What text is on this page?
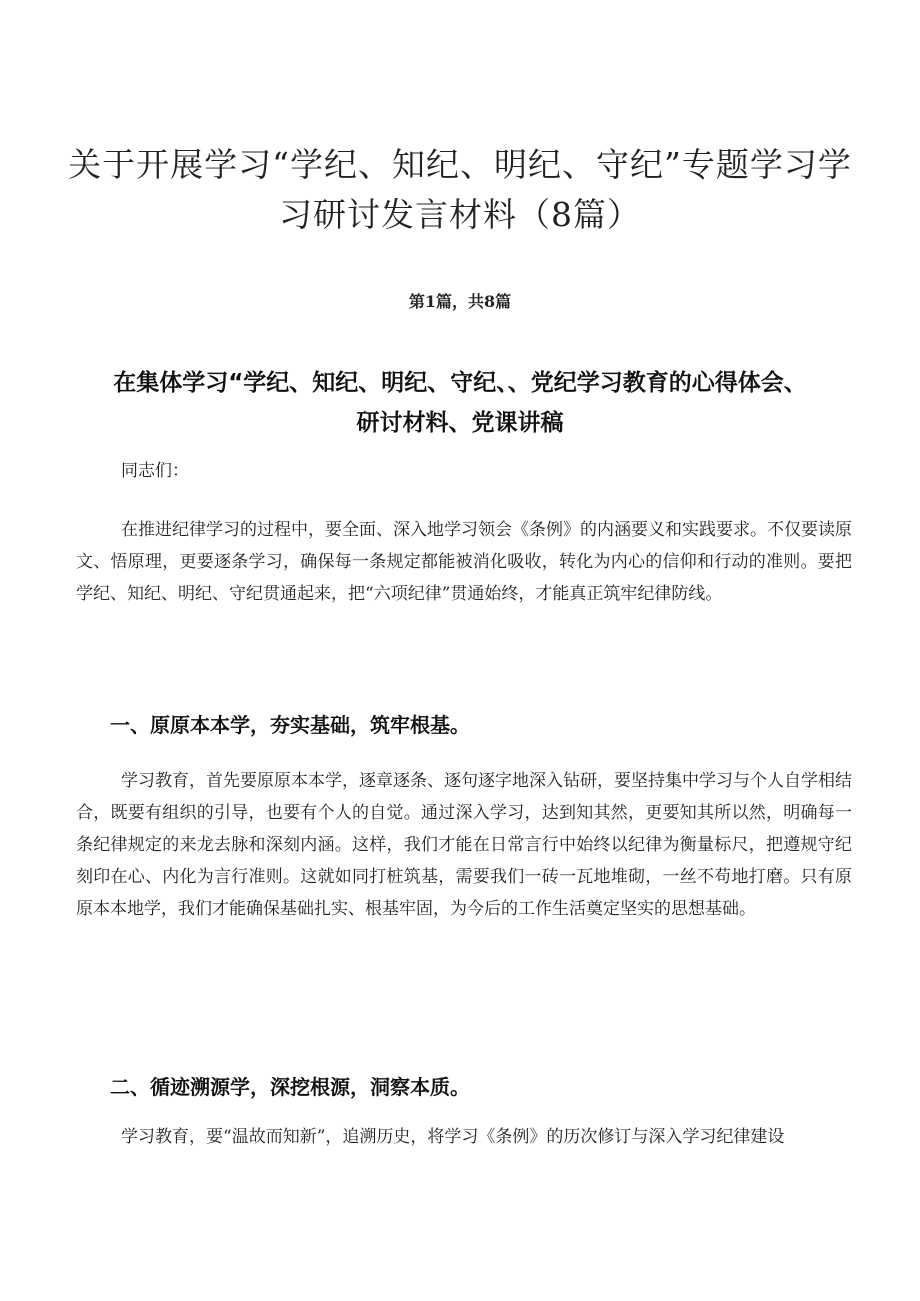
关于开展学习“学纪、知纪、明纪、守纪”专题学习学习研讨发言材料（8篇）
第1篇，共8篇
在集体学习“学纪、知纪、明纪、守纪、、党纪学习教育的心得体会、研讨材料、党课讲稿
同志们：

在推进纪律学习的过程中，要全面、深入地学习领会《条例》的内涵要义和实践要求。不仅要读原文、悟原理，更要逐条学习，确保每一条规定都能被消化吸收，转化为内心的信仰和行动的准则。要把学纪、知纪、明纪、守纪贯通起来，把“六项纪律”贯通始终，才能真正筑牢纪律防线。

一、原原本本学，夯实基础，筑牢根基。

学习教育，首先要原原本本学，逐章逐条、逐句逐字地深入钻研，要坚持集中学习与个人自学相结合，既要有组织的引导，也要有个人的自觉。通过深入学习，达到知其然，更要知其所以然，明确每一条纪律规定的来龙去脉和深刻内涵。这样，我们才能在日常言行中始终以纪律为衡量标尺，把遵规守纪刻印在心、内化为言行准则。这就如同打桩筑基，需要我们一砖一瓦地堆砌，一丝不苟地打磨。只有原原本本地学，我们才能确保基础扎实、根基牢固，为今后的工作生活奠定坚实的思想基础。

二、循迹溯源学，深挖根源，洞察本质。

学习教育，要“温故而知新”，追溯历史，将学习《条例》的历次修订与深入学习纪律建设
